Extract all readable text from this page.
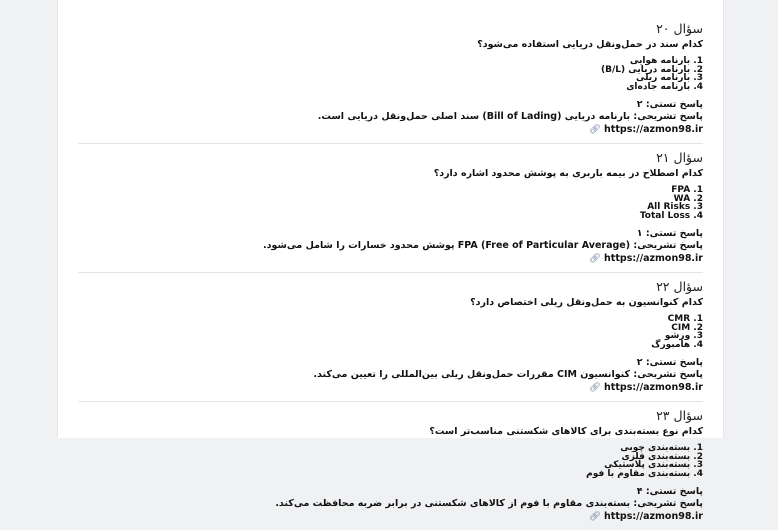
سؤال ۲۰
کدام سند در حمل‌ونقل دریایی استفاده می‌شود؟
1. بارنامه هوایی
2. بارنامه دریایی (B/L)
3. بارنامه ریلی
4. بارنامه جاده‌ای
پاسخ تستی: ۲
پاسخ تشریحی: بارنامه دریایی (Bill of Lading) سند اصلی حمل‌ونقل دریایی است.
https://azmon98.ir🔗︎
سؤال ۲۱
کدام اصطلاح در بیمه باربری به پوشش محدود اشاره دارد؟
1. FPA
2. WA
3. All Risks
4. Total Loss
پاسخ تستی: ۱
پاسخ تشریحی: FPA (Free of Particular Average) پوشش محدود خسارات را شامل می‌شود.
https://azmon98.ir🔗︎
سؤال ۲۲
کدام کنوانسیون به حمل‌ونقل ریلی اختصاص دارد؟
1. CMR
2. CIM
3. ورشو
4. هامبورگ
پاسخ تستی: ۲
پاسخ تشریحی: کنوانسیون CIM مقررات حمل‌ونقل ریلی بین‌المللی را تعیین می‌کند.
https://azmon98.ir🔗︎
سؤال ۲۳
کدام نوع بسته‌بندی برای کالاهای شکستنی مناسب‌تر است؟
1. بسته‌بندی چوبی
2. بسته‌بندی فلزی
3. بسته‌بندی پلاستیکی
4. بسته‌بندی مقاوم با فوم
پاسخ تستی: ۴
پاسخ تشریحی: بسته‌بندی مقاوم با فوم از کالاهای شکستنی در برابر ضربه محافظت می‌کند.
https://azmon98.ir🔗︎
